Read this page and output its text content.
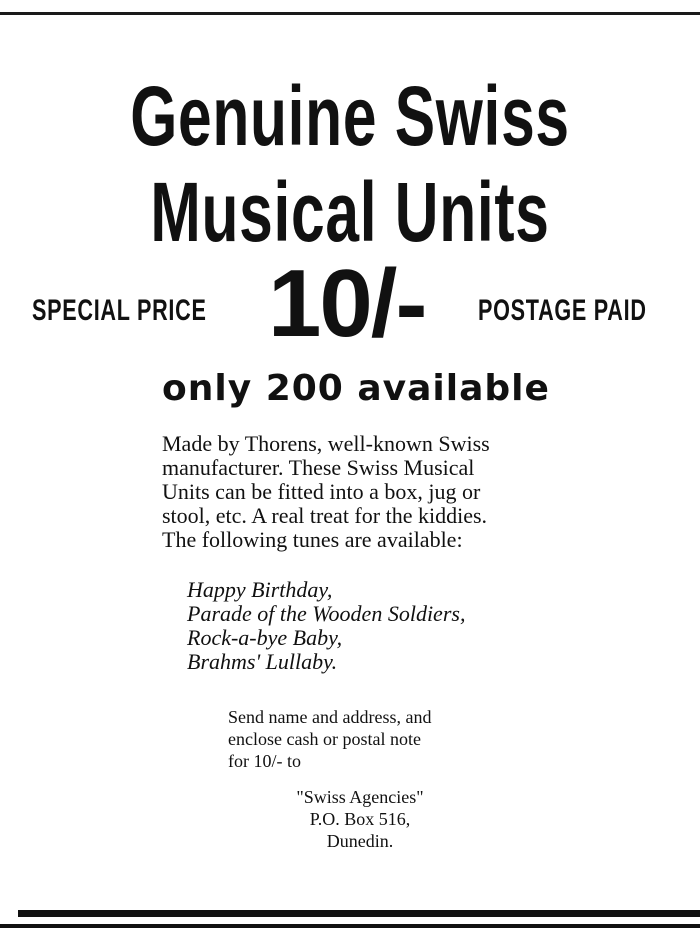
Genuine Swiss
Musical Units
SPECIAL PRICE 10/- POSTAGE PAID
only 200 available
Made by Thorens, well-known Swiss
manufacturer. These Swiss Musical
Units can be fitted into a box, jug or
stool, etc. A real treat for the kiddies.
The following tunes are available:
Happy Birthday,
Parade of the Wooden Soldiers,
Rock-a-bye Baby,
Brahms' Lullaby.
Send name and address, and
enclose cash or postal note
for 10/- to
"Swiss Agencies"
P.O. Box 516,
Dunedin.
